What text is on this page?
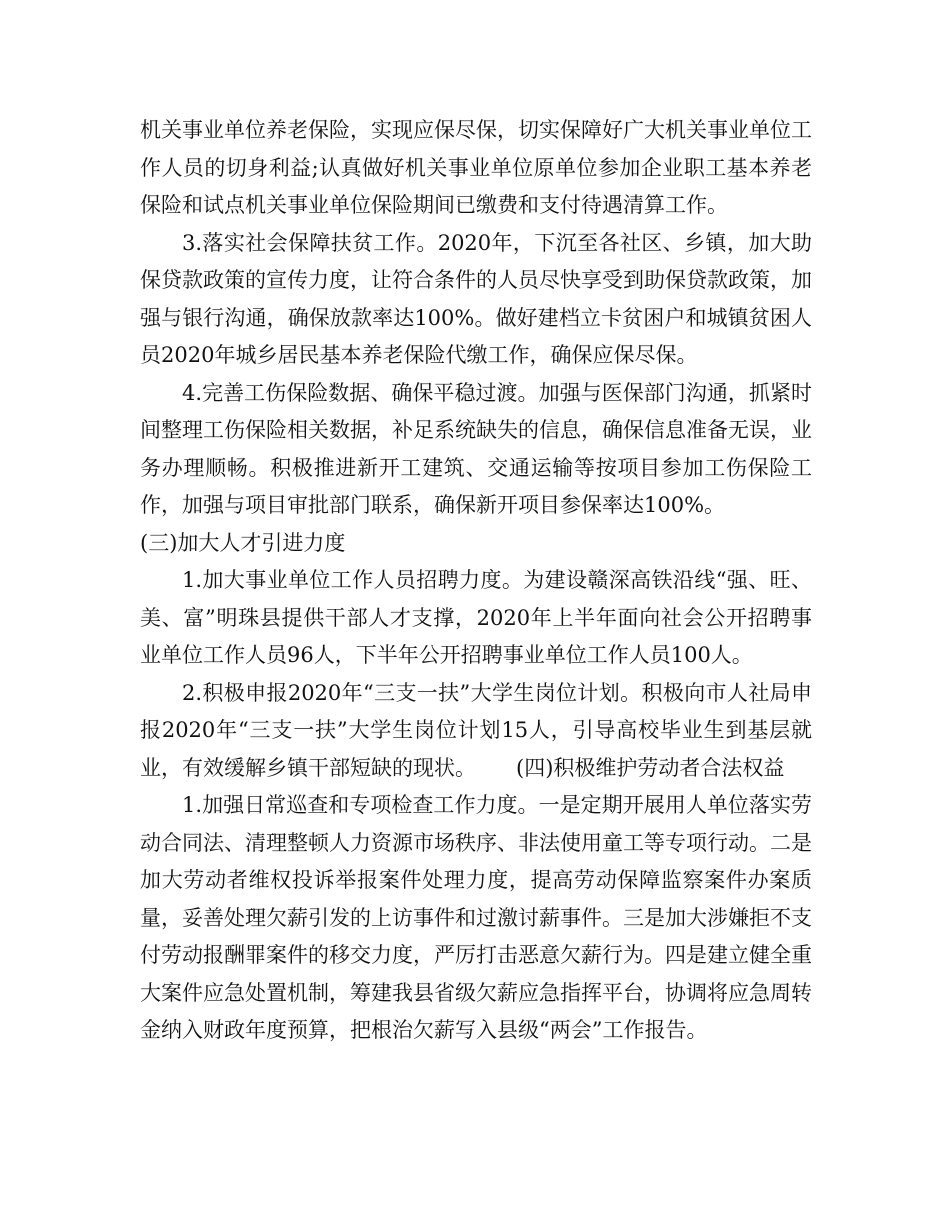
机关事业单位养老保险，实现应保尽保，切实保障好广大机关事业单位工作人员的切身利益;认真做好机关事业单位原单位参加企业职工基本养老保险和试点机关事业单位保险期间已缴费和支付待遇清算工作。

3.落实社会保障扶贫工作。2020年，下沉至各社区、乡镇，加大助保贷款政策的宣传力度，让符合条件的人员尽快享受到助保贷款政策，加强与银行沟通，确保放款率达100%。做好建档立卡贫困户和城镇贫困人员2020年城乡居民基本养老保险代缴工作，确保应保尽保。

4.完善工伤保险数据、确保平稳过渡。加强与医保部门沟通，抓紧时间整理工伤保险相关数据，补足系统缺失的信息，确保信息准备无误，业务办理顺畅。积极推进新开工建筑、交通运输等按项目参加工伤保险工作，加强与项目审批部门联系，确保新开项目参保率达100%。

(三)加大人才引进力度

1.加大事业单位工作人员招聘力度。为建设赣深高铁沿线“强、旺、美、富”明珠县提供干部人才支撑，2020年上半年面向社会公开招聘事业单位工作人员96人，下半年公开招聘事业单位工作人员100人。

2.积极申报2020年“三支一扶”大学生岗位计划。积极向市人社局申报2020年“三支一扶”大学生岗位计划15人，引导高校毕业生到基层就业，有效缓解乡镇干部短缺的现状。 (四)积极维护劳动者合法权益

1.加强日常巡查和专项检查工作力度。一是定期开展用人单位落实劳动合同法、清理整顿人力资源市场秩序、非法使用童工等专项行动。二是加大劳动者维权投诉举报案件处理力度，提高劳动保障监察案件办案质量，妥善处理欠薪引发的上访事件和过激讨薪事件。三是加大涉嫌拒不支付劳动报酬罪案件的移交力度，严厉打击恶意欠薪行为。四是建立健全重大案件应急处置机制，筹建我县省级欠薪应急指挥平台，协调将应急周转金纳入财政年度预算，把根治欠薪写入县级“两会”工作报告。
